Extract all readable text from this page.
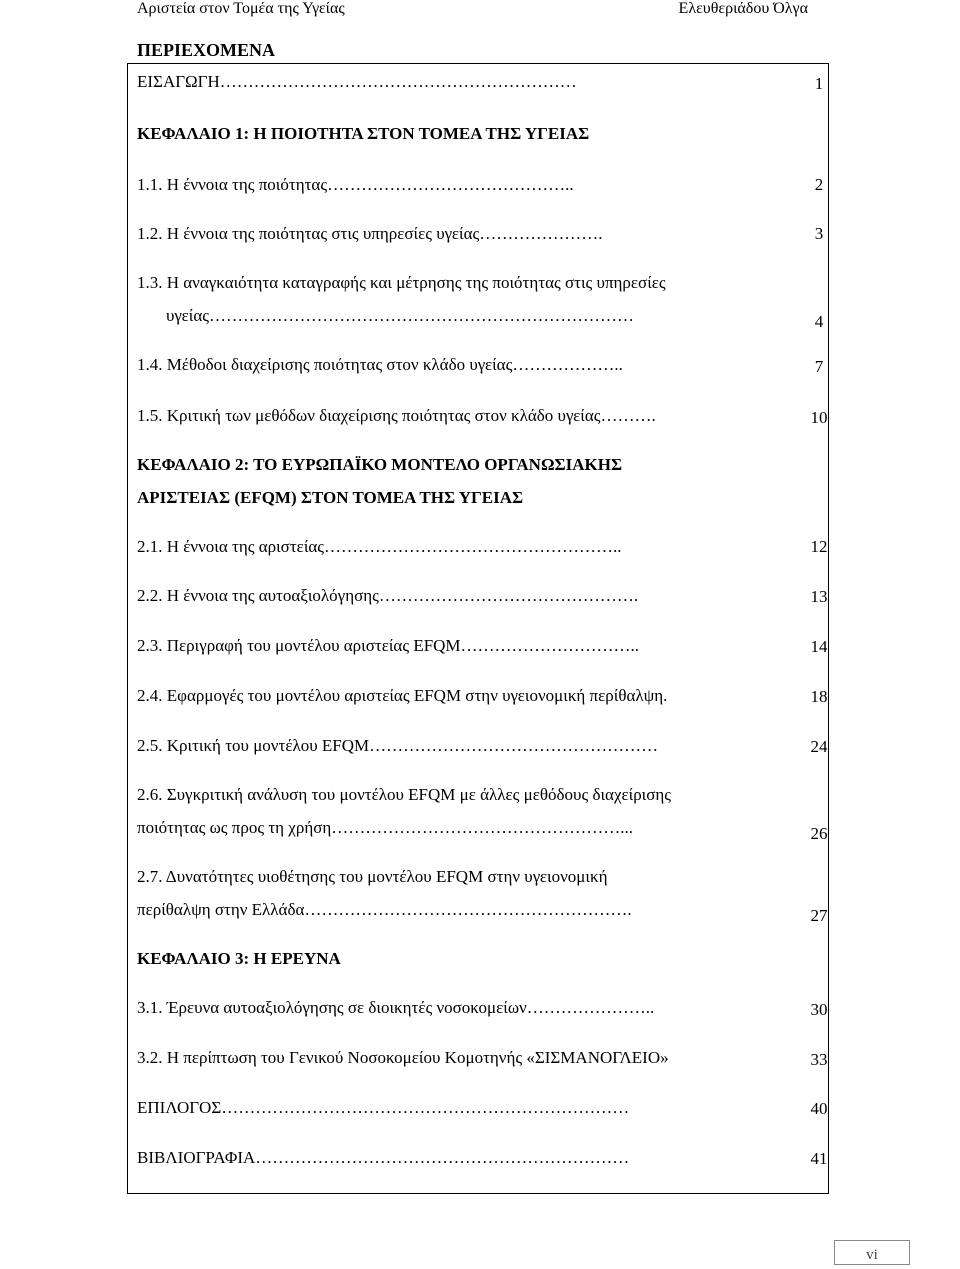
Αριστεία στον Τομέα της Υγείας	Ελευθεριάδου Όλγα
ΠΕΡΙΕΧΟΜΕΝΑ
ΕΙΣΑΓΩΓΗ………………………………………………………	1
ΚΕΦΑΛΑΙΟ 1: Η ΠΟΙΟΤΗΤΑ ΣΤΟΝ ΤΟΜΕΑ ΤΗΣ ΥΓΕΙΑΣ
1.1. Η έννοια της ποιότητας……………………………………..	2
1.2. Η έννοια της ποιότητας στις υπηρεσίες υγείας………………….	3
1.3. Η αναγκαιότητα καταγραφής και μέτρησης της ποιότητας στις υπηρεσίες
υγείας…………………………………………………………………	4
1.4. Μέθοδοι διαχείρισης ποιότητας στον κλάδο υγείας………………..	7
1.5. Κριτική των μεθόδων διαχείρισης ποιότητας στον κλάδο υγείας……….	10
ΚΕΦΑΛΑΙΟ 2: ΤΟ ΕΥΡΩΠΑΪΚΟ ΜΟΝΤΕΛΟ ΟΡΓΑΝΩΣΙΑΚΗΣ
ΑΡΙΣΤΕΙΑΣ (EFQM) ΣΤΟΝ ΤΟΜΕΑ ΤΗΣ ΥΓΕΙΑΣ
2.1. Η έννοια της αριστείας……………………………………………..	12
2.2. Η έννοια της αυτοαξιολόγησης……………………………………….	13
2.3. Περιγραφή του μοντέλου αριστείας EFQM…………………………..	14
2.4. Εφαρμογές του μοντέλου αριστείας EFQM στην υγειονομική περίθαλψη.	18
2.5. Κριτική του μοντέλου EFQM……………………………………………	24
2.6. Συγκριτική ανάλυση του μοντέλου EFQM με άλλες μεθόδους διαχείρισης
ποιότητας ως προς τη χρήση……………………………………………...	26
2.7. Δυνατότητες υιοθέτησης του μοντέλου EFQM στην υγειονομική
περίθαλψη στην Ελλάδα………………………………………………….	27
ΚΕΦΑΛΑΙΟ 3: Η ΕΡΕΥΝΑ
3.1. Έρευνα αυτοαξιολόγησης σε διοικητές νοσοκομείων…………………..	30
3.2. Η περίπτωση του Γενικού Νοσοκομείου Κομοτηνής «ΣΙΣΜΑΝΟΓΛΕΙΟ»	33
ΕΠΙΛΟΓΟΣ………………………………………………………………	40
ΒΙΒΛΙΟΓΡΑΦΙΑ…………………………………………………………	41
vi
